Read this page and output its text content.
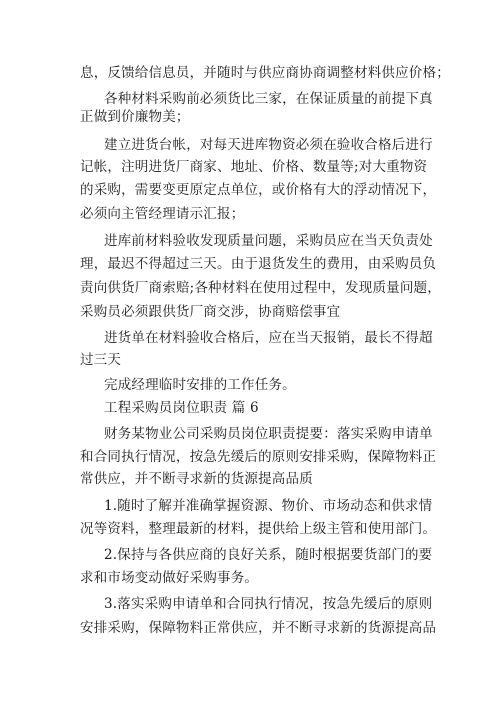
息，反馈给信息员，并随时与供应商协商调整材料供应价格；

各种材料采购前必须货比三家，在保证质量的前提下真

正做到价廉物美；

建立进货台帐，对每天进库物资必须在验收合格后进行

记帐，注明进货厂商家、地址、价格、数量等;对大重物资

的采购，需要变更原定点单位，或价格有大的浮动情况下，

必须向主管经理请示汇报；

进库前材料验收发现质量问题，采购员应在当天负责处

理，最迟不得超过三天。由于退货发生的费用，由采购员负

责向供货厂商索赔;各种材料在使用过程中，发现质量问题，

采购员必须跟供货厂商交涉，协商赔偿事宜

进货单在材料验收合格后，应在当天报销，最长不得超

过三天

完成经理临时安排的工作任务。

工程采购员岗位职责 篇 6

财务某物业公司采购员岗位职责提要：落实采购申请单

和合同执行情况，按急先缓后的原则安排采购，保障物料正

常供应，并不断寻求新的货源提高品质

1.随时了解并准确掌握资源、物价、市场动态和供求情

况等资料，整理最新的材料，提供给上级主管和使用部门。

2.保持与各供应商的良好关系，随时根据要货部门的要

求和市场变动做好采购事务。

3.落实采购申请单和合同执行情况，按急先缓后的原则

安排采购，保障物料正常供应，并不断寻求新的货源提高品
